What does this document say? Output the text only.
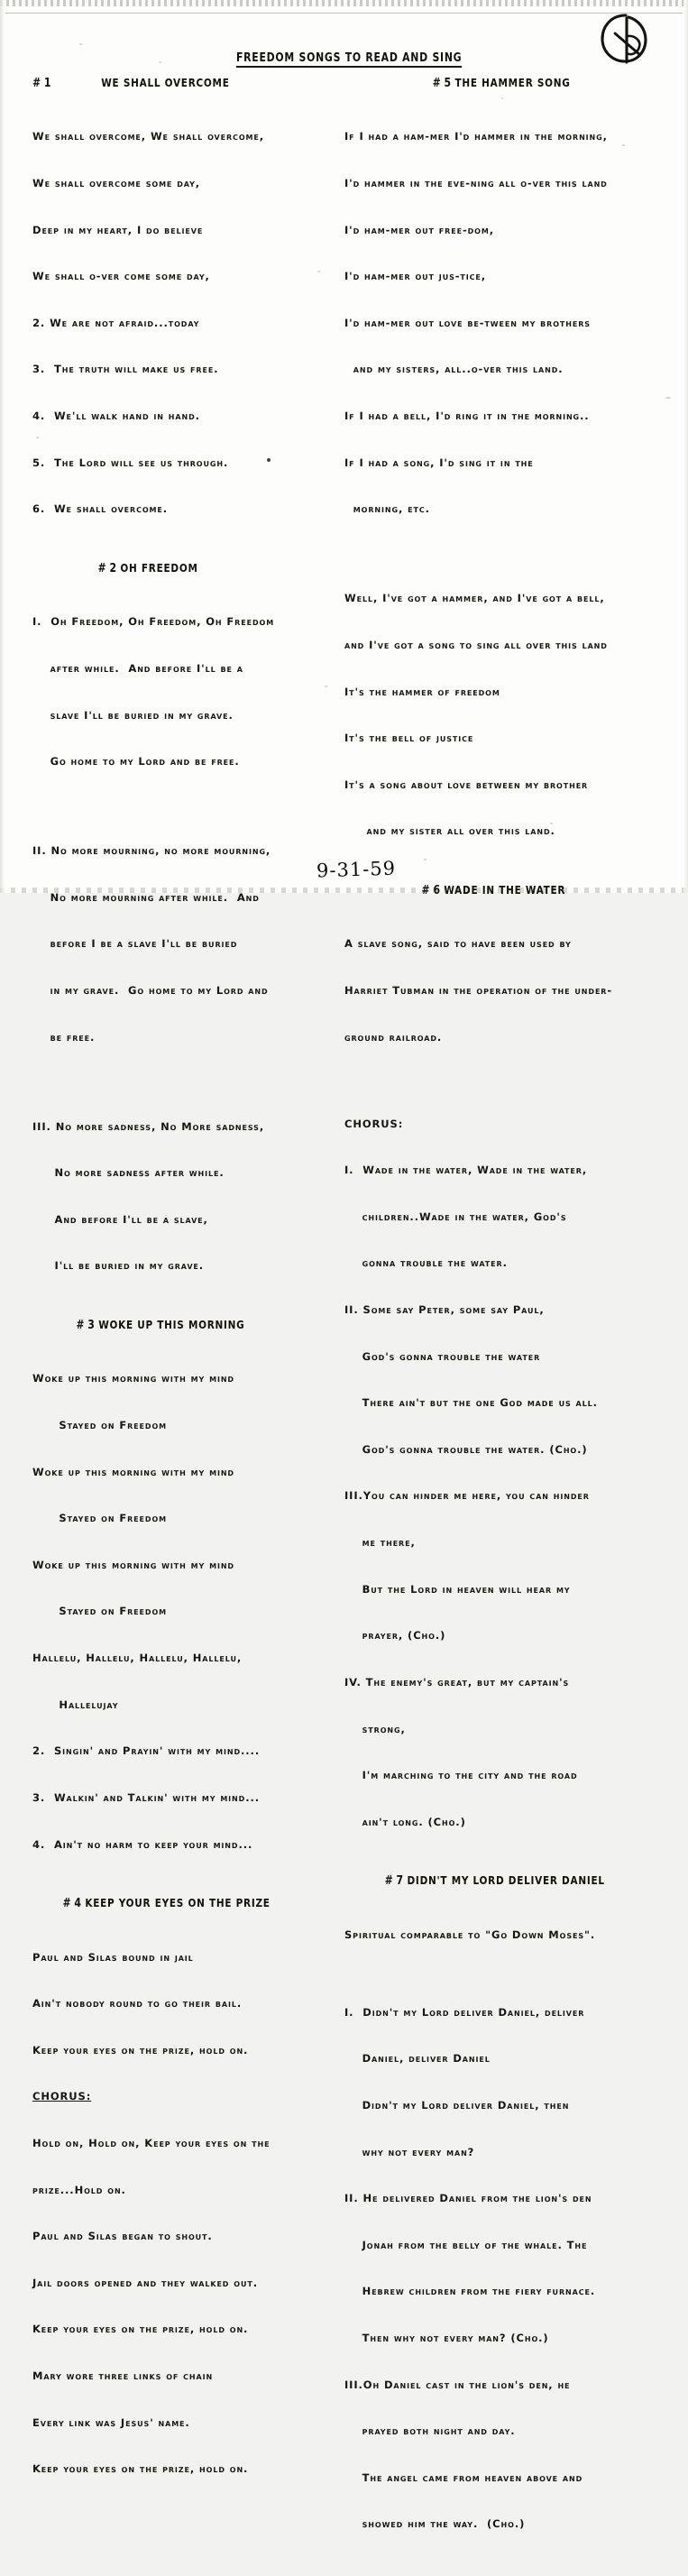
FREEDOM SONGS TO READ AND SING
# 1	WE SHALL OVERCOME

We shall overcome, We shall overcome,

We shall overcome some day,

Deep in my heart, I do believe

We shall o-ver come some day,

2. We are not afraid...today

3.  The truth will make us free.

4.  We'll walk hand in hand.

5.  The Lord will see us through.

6.  We shall overcome.

# 2 OH FREEDOM

I.  Oh Freedom, Oh Freedom, Oh Freedom

after while.  And before I'll be a

slave I'll be buried in my grave.

Go home to my Lord and be free.

II. No more mourning, no more mourning,

No more mourning after while.  And

before I be a slave I'll be buried

in my grave.  Go home to my Lord and

be free.

III. No more sadness, No More sadness,

No more sadness after while.

And before I'll be a slave,

I'll be buried in my grave.

# 3 WOKE UP THIS MORNING

Woke up this morning with my mind

Stayed on Freedom

Woke up this morning with my mind

Stayed on Freedom

Woke up this morning with my mind

Stayed on Freedom

Hallelu, Hallelu, Hallelu, Hallelu,

Hallelujay

2.  Singin' and Prayin' with my mind....

3.  Walkin' and Talkin' with my mind...

4.  Ain't no harm to keep your mind...

# 4 KEEP YOUR EYES ON THE PRIZE

Paul and Silas bound in jail

Ain't nobody round to go their bail.

Keep your eyes on the prize, hold on.

CHORUS:

Hold on, Hold on, Keep your eyes on the

prize...Hold on.

Paul and Silas began to shout.

Jail doors opened and they walked out.

Keep your eyes on the prize, hold on.

Mary wore three links of chain

Every link was Jesus' name.

Keep your eyes on the prize, hold on.

# 5 THE HAMMER SONG

If I had a ham-mer I'd hammer in the morning,

I'd hammer in the eve-ning all o-ver this land

I'd ham-mer out free-dom,

I'd ham-mer out jus-tice,

I'd ham-mer out love be-tween my brothers

and my sisters, all..o-ver this land.

If I had a bell, I'd ring it in the morning..

If I had a song, I'd sing it in the

morning, etc.

Well, I've got a hammer, and I've got a bell,

and I've got a song to sing all over this land

It's the hammer of freedom

It's the bell of justice

It's a song about love between my brother

and my sister all over this land.

# 6 WADE IN THE WATER

A slave song, said to have been used by

Harriet Tubman in the operation of the under-

ground railroad.

CHORUS:

I.  Wade in the water, Wade in the water,

children..Wade in the water, God's

gonna trouble the water.

II. Some say Peter, some say Paul,

God's gonna trouble the water

There ain't but the one God made us all.

God's gonna trouble the water. (Cho.)

III.You can hinder me here, you can hinder

me there,

But the Lord in heaven will hear my

prayer, (Cho.)

IV. The enemy's great, but my captain's

strong,

I'm marching to the city and the road

ain't long. (Cho.)

# 7 DIDN'T MY LORD DELIVER DANIEL

Spiritual comparable to "Go Down Moses".

I.  Didn't my Lord deliver Daniel, deliver

Daniel, deliver Daniel

Didn't my Lord deliver Daniel, then

why not every man?

II. He delivered Daniel from the lion's den

Jonah from the belly of the whale. The

Hebrew children from the fiery furnace.

Then why not every man? (Cho.)

III.Oh Daniel cast in the lion's den, he

prayed both night and day.

The angel came from heaven above and

showed him the way.  (Cho.)

9-31-59
